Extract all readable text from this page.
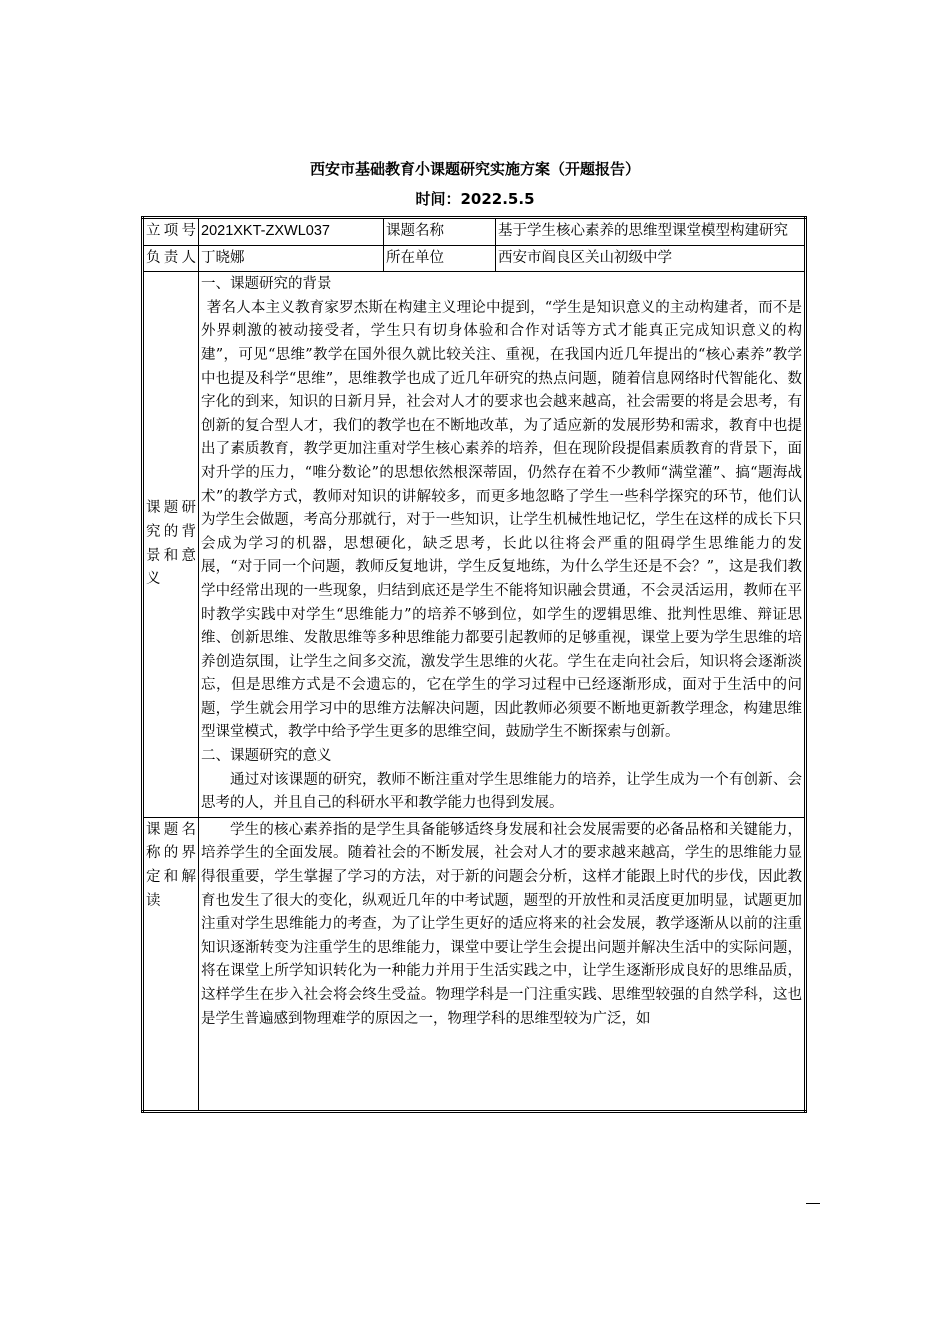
西安市基础教育小课题研究实施方案（开题报告）
时间：2022.5.5
立项号	2021XKT-ZXWL037	课题名称	基于学生核心素养的思维型课堂模型构建研究
负责人	丁晓娜	所在单位	西安市阎良区关山初级中学
课题研究的背景和意义	一、课题研究的背景

著名人本主义教育家罗杰斯在构建主义理论中提到，“学生是知识意义的主动构建者，而不是外界刺激的被动接受者，学生只有切身体验和合作对话等方式才能真正完成知识意义的构建”，可见“思维”教学在国外很久就比较关注、重视，在我国内近几年提出的“核心素养”教学中也提及科学“思维”，思维教学也成了近几年研究的热点问题，随着信息网络时代智能化、数字化的到来，知识的日新月异，社会对人才的要求也会越来越高，社会需要的将是会思考，有创新的复合型人才，我们的教学也在不断地改革，为了适应新的发展形势和需求，教育中也提出了素质教育，教学更加注重对学生核心素养的培养，但在现阶段提倡素质教育的背景下，面对升学的压力，“唯分数论”的思想依然根深蒂固，仍然存在着不少教师“满堂灌”、搞“题海战术”的教学方式，教师对知识的讲解较多，而更多地忽略了学生一些科学探究的环节，他们认为学生会做题，考高分那就行，对于一些知识，让学生机械性地记忆，学生在这样的成长下只会成为学习的机器，思想硬化，缺乏思考，长此以往将会严重的阻碍学生思维能力的发展，“对于同一个问题，教师反复地讲，学生反复地练，为什么学生还是不会？”，这是我们教学中经常出现的一些现象，归结到底还是学生不能将知识融会贯通，不会灵活运用，教师在平时教学实践中对学生“思维能力”的培养不够到位，如学生的逻辑思维、批判性思维、辩证思维、创新思维、发散思维等多种思维能力都要引起教师的足够重视，课堂上要为学生思维的培养创造氛围，让学生之间多交流，激发学生思维的火花。学生在走向社会后，知识将会逐渐淡忘，但是思维方式是不会遗忘的，它在学生的学习过程中已经逐渐形成，面对于生活中的问题，学生就会用学习中的思维方法解决问题，因此教师必须要不断地更新教学理念，构建思维型课堂模式，教学中给予学生更多的思维空间，鼓励学生不断探索与创新。

二、课题研究的意义

通过对该课题的研究，教师不断注重对学生思维能力的培养，让学生成为一个有创新、会思考的人，并且自己的科研水平和教学能力也得到发展。		

课题名称的界定和解读	学生的核心素养指的是学生具备能够适终身发展和社会发展需要的必备品格和关键能力，培养学生的全面发展。随着社会的不断发展，社会对人才的要求越来越高，学生的思维能力显得很重要，学生掌握了学习的方法，对于新的问题会分析，这样才能跟上时代的步伐，因此教育也发生了很大的变化，纵观近几年的中考试题，题型的开放性和灵活度更加明显，试题更加注重对学生思维能力的考查，为了让学生更好的适应将来的社会发展，教学逐渐从以前的注重知识逐渐转变为注重学生的思维能力，课堂中要让学生会提出问题并解决生活中的实际问题，将在课堂上所学知识转化为一种能力并用于生活实践之中，让学生逐渐形成良好的思维品质，这样学生在步入社会将会终生受益。物理学科是一门注重实践、思维型较强的自然学科，这也是学生普遍感到物理难学的原因之一，物理学科的思维型较为广泛，如		
